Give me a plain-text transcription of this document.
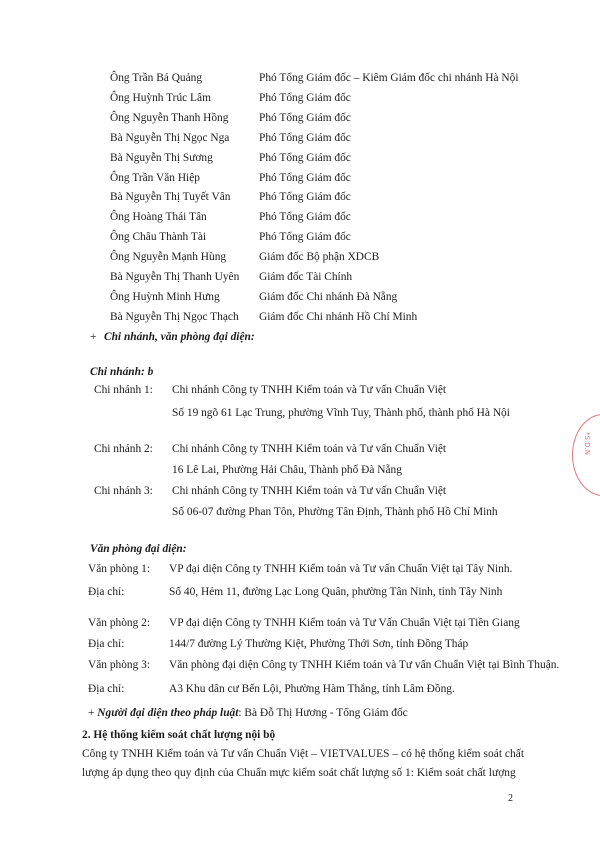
Ông Trần Bá Quảng	Phó Tổng Giám đốc – Kiêm Giám đốc chi nhánh Hà Nội
Ông Huỳnh Trúc Lâm	Phó Tổng Giám đốc
Ông Nguyễn Thanh Hồng	Phó Tổng Giám đốc
Bà Nguyễn Thị Ngọc Nga	Phó Tổng Giám đốc
Bà Nguyễn Thị Sương	Phó Tổng Giám đốc
Ông Trần Văn Hiệp	Phó Tổng Giám đốc
Bà Nguyễn Thị Tuyết Vân	Phó Tổng Giám đốc
Ông Hoàng Thái Tân	Phó Tổng Giám đốc
Ông Châu Thành Tài	Phó Tổng Giám đốc
Ông Nguyễn Mạnh Hùng	Giám đốc Bộ phận XDCB
Bà Nguyễn Thị Thanh Uyên Giám đốc Tài Chính
Ông Huỳnh Minh Hưng	Giám đốc Chi nhánh Đà Nẵng
Bà Nguyễn Thị Ngọc Thạch Giám đốc Chi nhánh Hồ Chí Minh
+ Chi nhánh, văn phòng đại diện:
Chi nhánh: b
Chi nhánh 1: Chi nhánh Công ty TNHH Kiểm toán và Tư vấn Chuẩn Việt
Số 19 ngõ 61 Lạc Trung, phường Vĩnh Tuy, Thành phố, thành phố Hà Nội
Chi nhánh 2: Chi nhánh Công ty TNHH Kiểm toán và Tư vấn Chuẩn Việt
16 Lê Lai, Phường Hải Châu, Thành phố Đà Nẵng
Chi nhánh 3: Chi nhánh Công ty TNHH Kiểm toán và Tư vấn Chuẩn Việt
Số 06-07 đường Phan Tôn, Phường Tân Định, Thành phố Hồ Chí Minh
Văn phòng đại diện:
Văn phòng 1: VP đại diện Công ty TNHH Kiểm toán và Tư vấn Chuẩn Việt tại Tây Ninh.
Địa chỉ:	Số 40, Hẻm 11, đường Lạc Long Quân, phường Tân Ninh, tỉnh Tây Ninh
Văn phòng 2: VP đại diện Công ty TNHH Kiểm toán và Tư Vấn Chuẩn Việt tại Tiền Giang
Địa chỉ:	144/7 đường Lý Thường Kiệt, Phường Thới Sơn, tỉnh Đồng Tháp
Văn phòng 3: Văn phòng đại diện Công ty TNHH Kiểm toán và Tư vấn Chuẩn Việt tại Bình Thuận.
Địa chỉ:	A3 Khu dân cư Bến Lội, Phường Hàm Thắng, tỉnh Lâm Đồng.
+ Người đại diện theo pháp luật: Bà Đỗ Thị Hương - Tổng Giám đốc
2. Hệ thống kiểm soát chất lượng nội bộ
Công ty TNHH Kiểm toán và Tư vấn Chuẩn Việt – VIETVALUES – có hệ thống kiểm soát chất
lượng áp dụng theo quy định của Chuẩn mực kiểm soát chất lượng số 1: Kiểm soát chất lượng
2
*S.D.N
